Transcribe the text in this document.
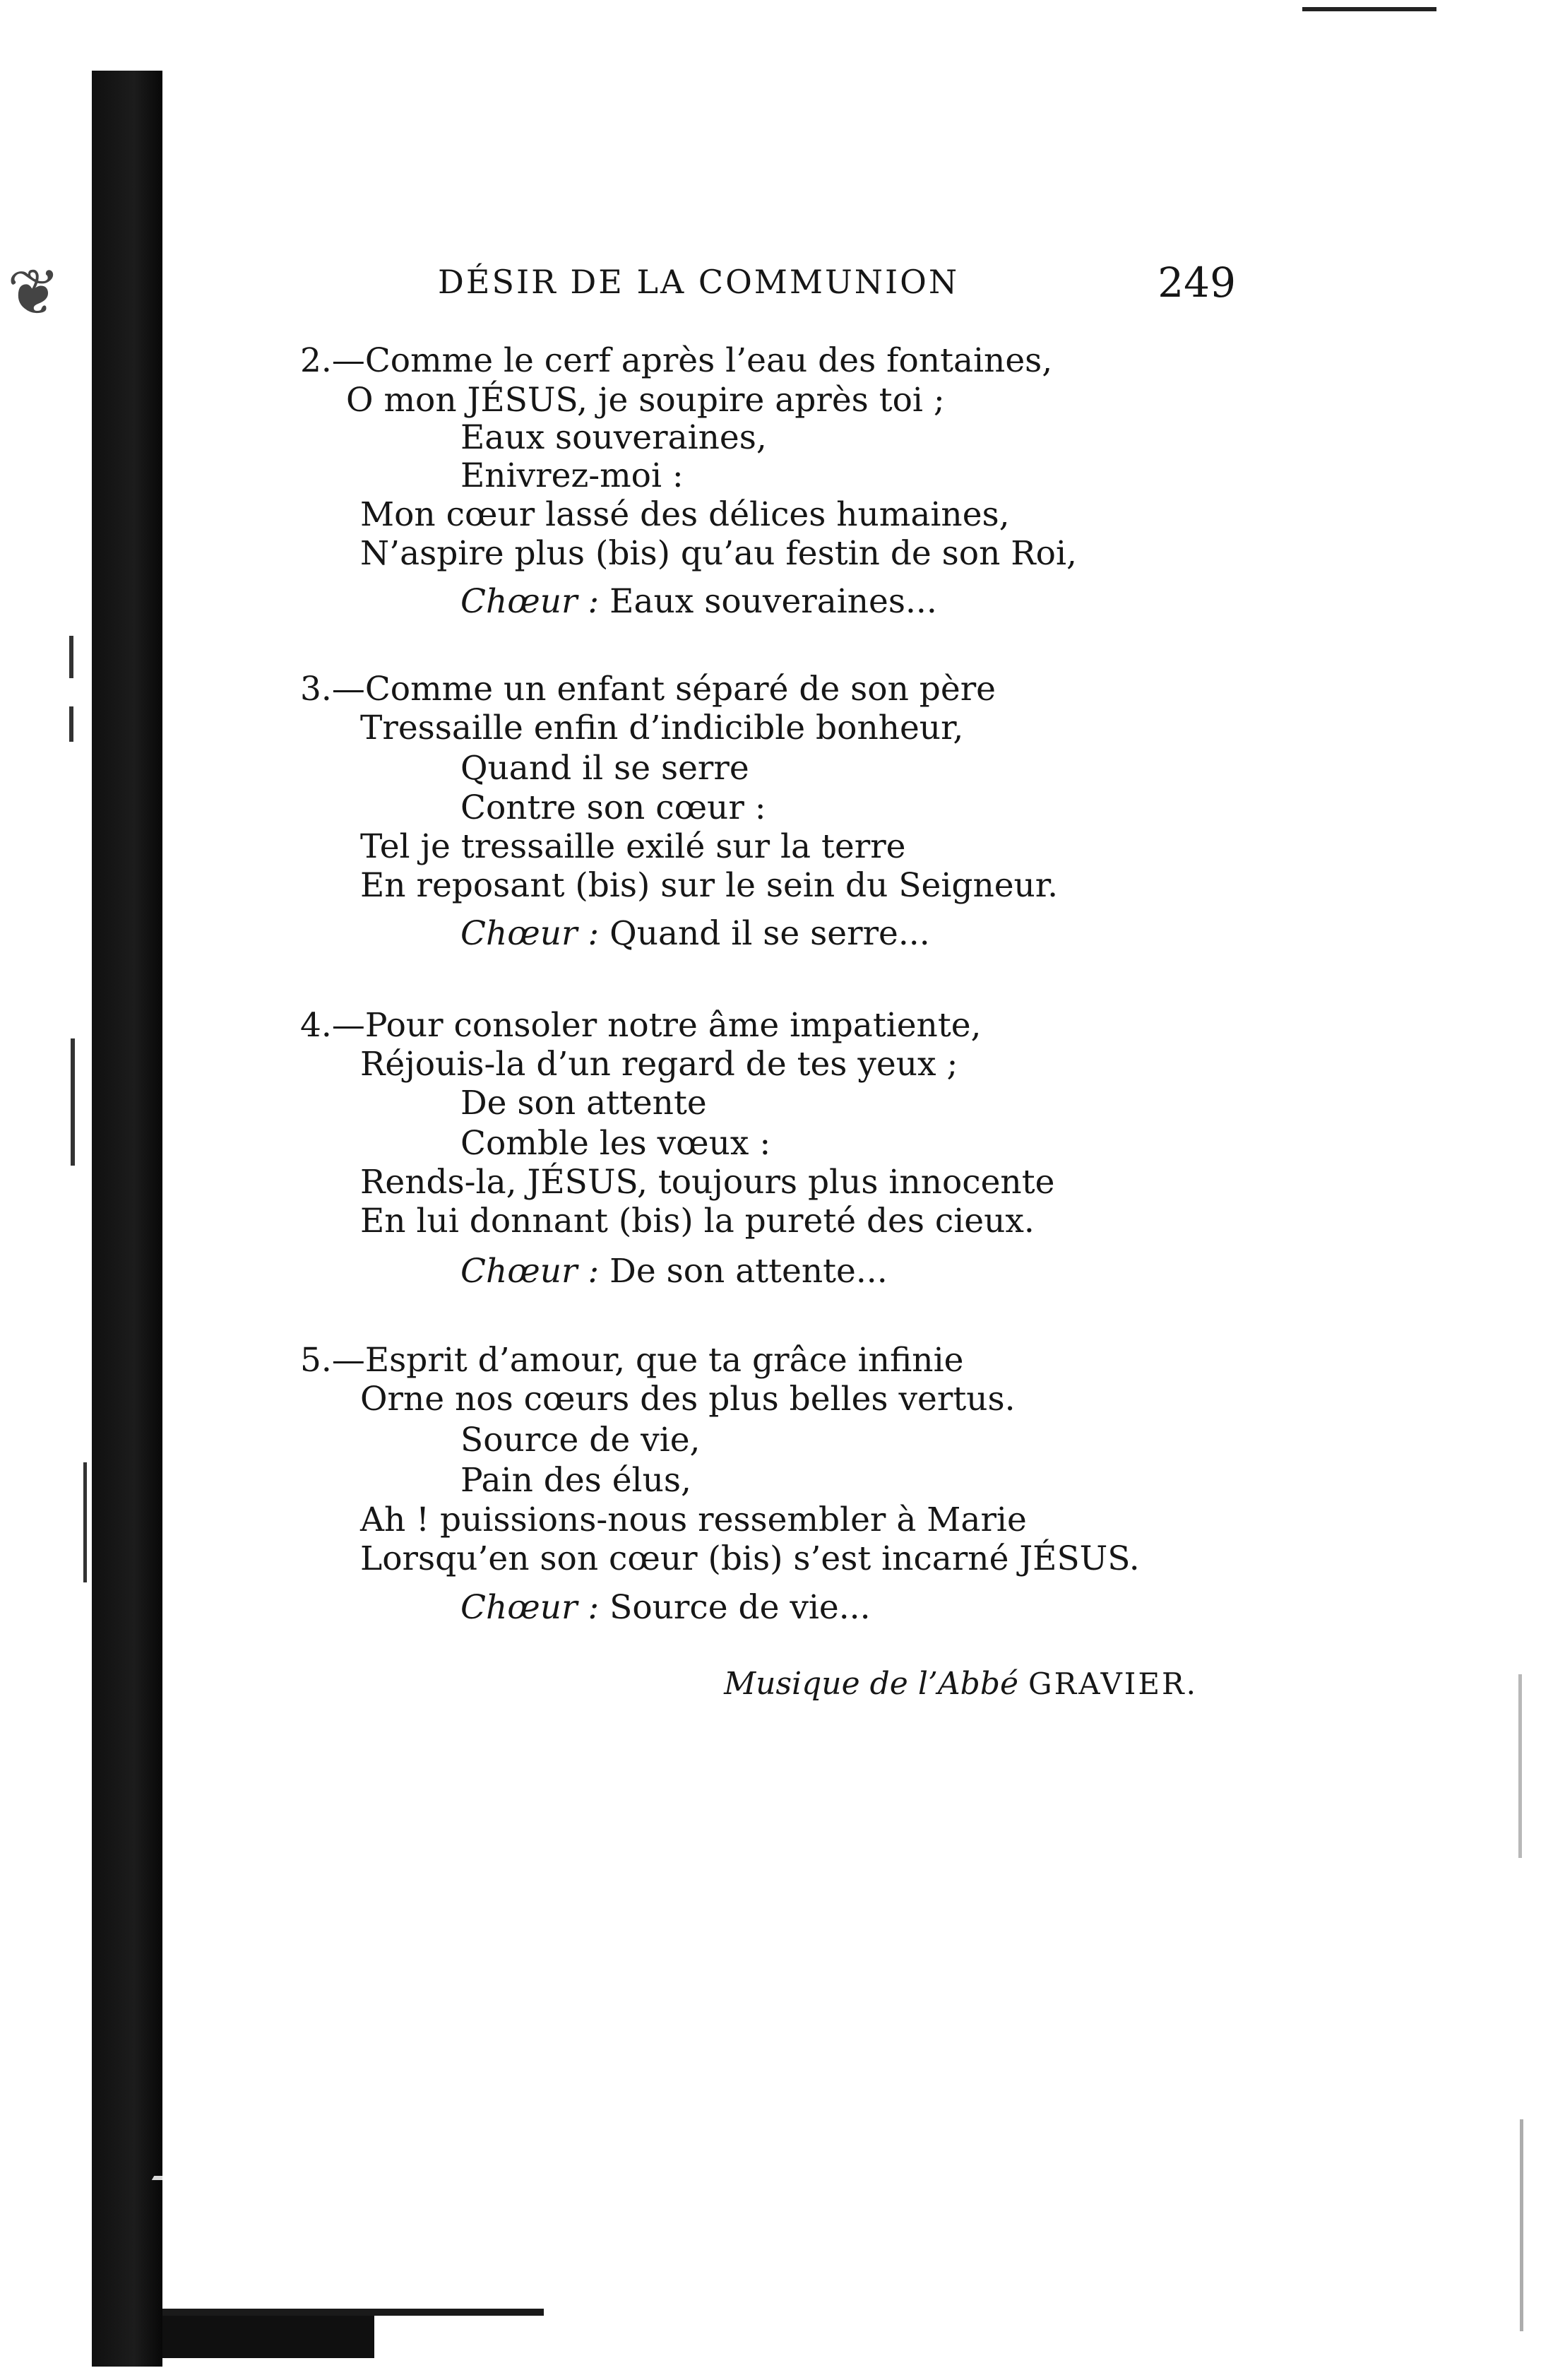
❦	DÉSIR DE LA COMMUNION	249
2.—Comme le cerf après l’eau des fontaines,
O mon JÉSUS, je soupire après toi ;
Eaux souveraines,
Enivrez-moi :
Mon cœur lassé des délices humaines,
N’aspire plus (bis) qu’au festin de son Roi,
Chœur : Eaux souveraines...
3.—Comme un enfant séparé de son père
Tressaille enfin d’indicible bonheur,
Quand il se serre
Contre son cœur :
Tel je tressaille exilé sur la terre
En reposant (bis) sur le sein du Seigneur.
Chœur : Quand il se serre...
4.—Pour consoler notre âme impatiente,
Réjouis-la d’un regard de tes yeux ;
De son attente
Comble les vœux :
Rends-la, JÉSUS, toujours plus innocente
En lui donnant (bis) la pureté des cieux.
Chœur : De son attente...
5.—Esprit d’amour, que ta grâce infinie
Orne nos cœurs des plus belles vertus.
Source de vie,
Pain des élus,
Ah ! puissions-nous ressembler à Marie
Lorsqu’en son cœur (bis) s’est incarné JÉSUS.
Chœur : Source de vie...
Musique de l’Abbé GRAVIER.
